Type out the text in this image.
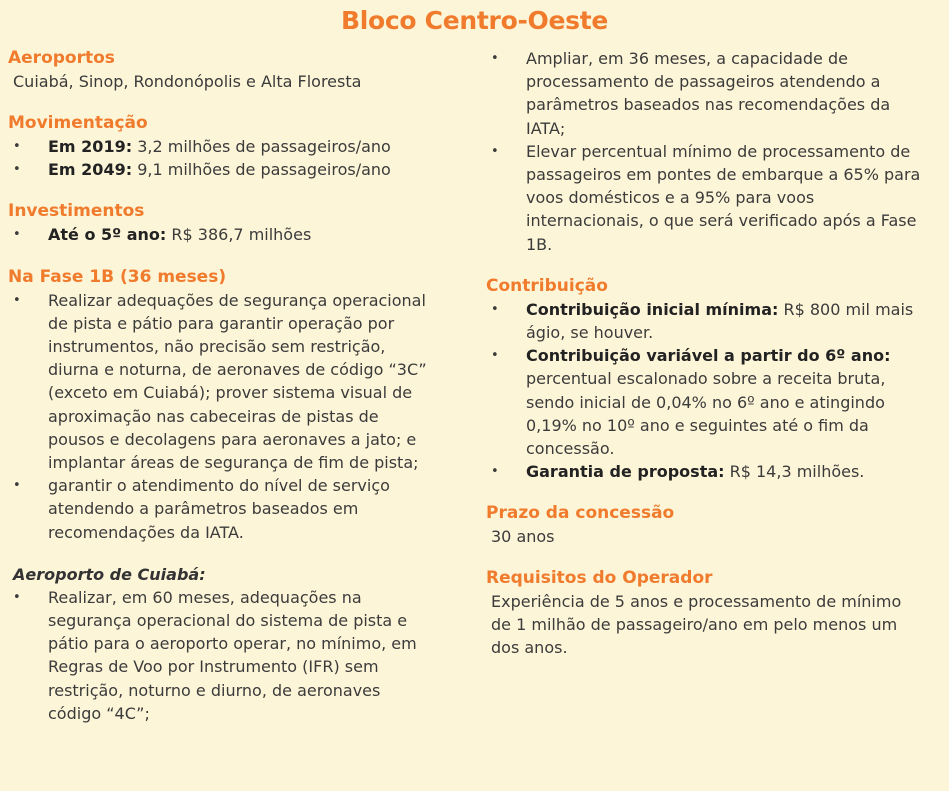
Bloco Centro-Oeste
Aeroportos

Cuiabá, Sinop, Rondonópolis e Alta Floresta

Movimentação
• Em 2019: 3,2 milhões de passageiros/ano
• Em 2049: 9,1 milhões de passageiros/ano
Investimentos
• Até o 5º ano: R$ 386,7 milhões
Na Fase 1B (36 meses)
• Realizar adequações de segurança operacional de pista e pátio para garantir operação por instrumentos, não precisão sem restrição, diurna e noturna, de aeronaves de código “3C” (exceto em Cuiabá); prover sistema visual de aproximação nas cabeceiras de pistas de pousos e decolagens para aeronaves a jato; e implantar áreas de segurança de fim de pista;
• garantir o atendimento do nível de serviço atendendo a parâmetros baseados em recomendações da IATA.

Aeroporto de Cuiabá:

• Realizar, em 60 meses, adequações na segurança operacional do sistema de pista e pátio para o aeroporto operar, no mínimo, em Regras de Voo por Instrumento (IFR) sem restrição, noturno e diurno, de aeronaves código “4C”;
• Ampliar, em 36 meses, a capacidade de processamento de passageiros atendendo a parâmetros baseados nas recomendações da IATA;
• Elevar percentual mínimo de processamento de passageiros em pontes de embarque a 65% para voos domésticos e a 95% para voos internacionais, o que será verificado após a Fase 1B.
Contribuição
• Contribuição inicial mínima: R$ 800 mil mais ágio, se houver.
• Contribuição variável a partir do 6º ano: percentual escalonado sobre a receita bruta, sendo inicial de 0,04% no 6º ano e atingindo 0,19% no 10º ano e seguintes até o fim da concessão.
• Garantia de proposta: R$ 14,3 milhões.
Prazo da concessão

30 anos

Requisitos do Operador

Experiência de 5 anos e processamento de mínimo de 1 milhão de passageiro/ano em pelo menos um dos anos.
